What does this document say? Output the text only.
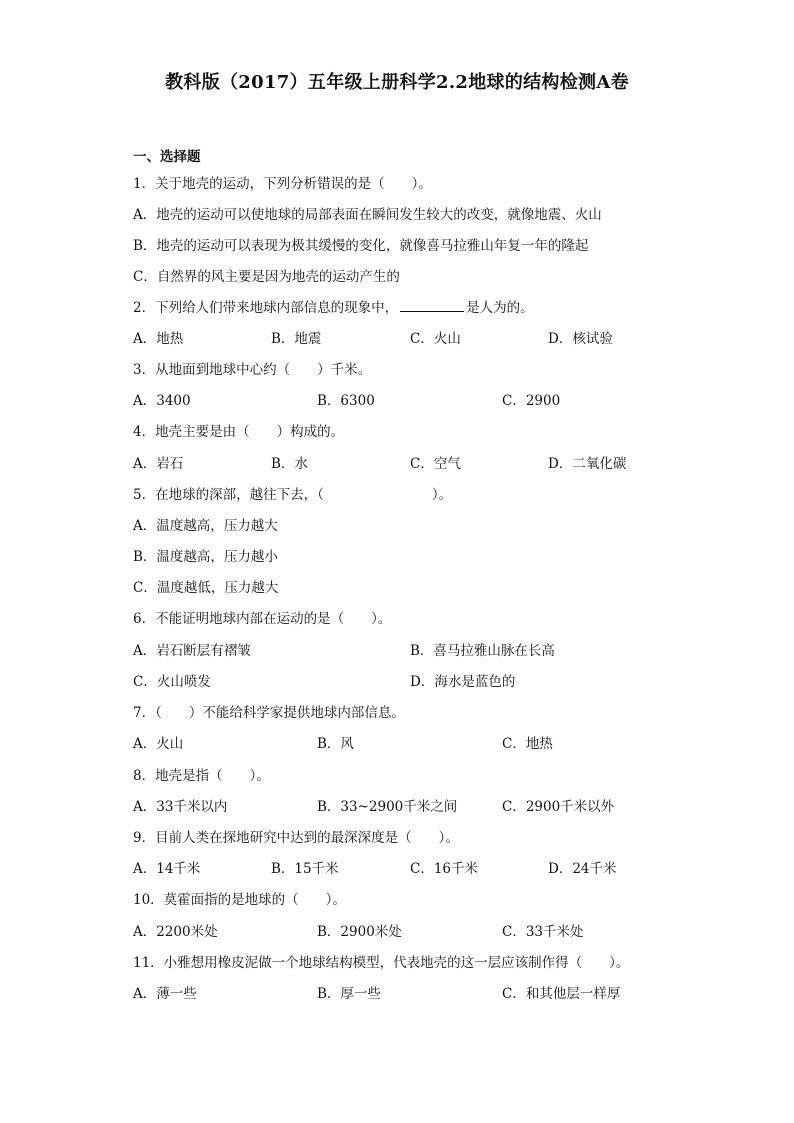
教科版（2017）五年级上册科学2.2地球的结构检测A卷
一、选择题
1．关于地壳的运动，下列分析错误的是（　　）。
A．地壳的运动可以使地球的局部表面在瞬间发生较大的改变，就像地震、火山
B．地壳的运动可以表现为极其缓慢的变化，就像喜马拉雅山年复一年的隆起
C．自然界的风主要是因为地壳的运动产生的
2．下列给人们带来地球内部信息的现象中，	是人为的。
A．地热	B．地震	C．火山	D．核试验
3．从地面到地球中心约（　　）千米。
A．3400	B．6300	C．2900
4．地壳主要是由（　　）构成的。
A．岩石	B．水	C．空气	D．二氧化碳
5．在地球的深部，越往下去，（　　　　　　　　）。
A．温度越高，压力越大
B．温度越高，压力越小
C．温度越低，压力越大
6．不能证明地球内部在运动的是（　　）。
A．岩石断层有褶皱	B．喜马拉雅山脉在长高
C．火山喷发	D．海水是蓝色的
7．（　　）不能给科学家提供地球内部信息。
A．火山	B．风	C．地热
8．地壳是指（　　）。
A．33千米以内	B．33~2900千米之间	C．2900千米以外
9．目前人类在探地研究中达到的最深深度是（　　）。
A．14千米	B．15千米	C．16千米	D．24千米
10．莫霍面指的是地球的（　　）。
A．2200米处	B．2900米处	C．33千米处
11．小雅想用橡皮泥做一个地球结构模型，代表地壳的这一层应该制作得（　　）。
A．薄一些	B．厚一些	C．和其他层一样厚
